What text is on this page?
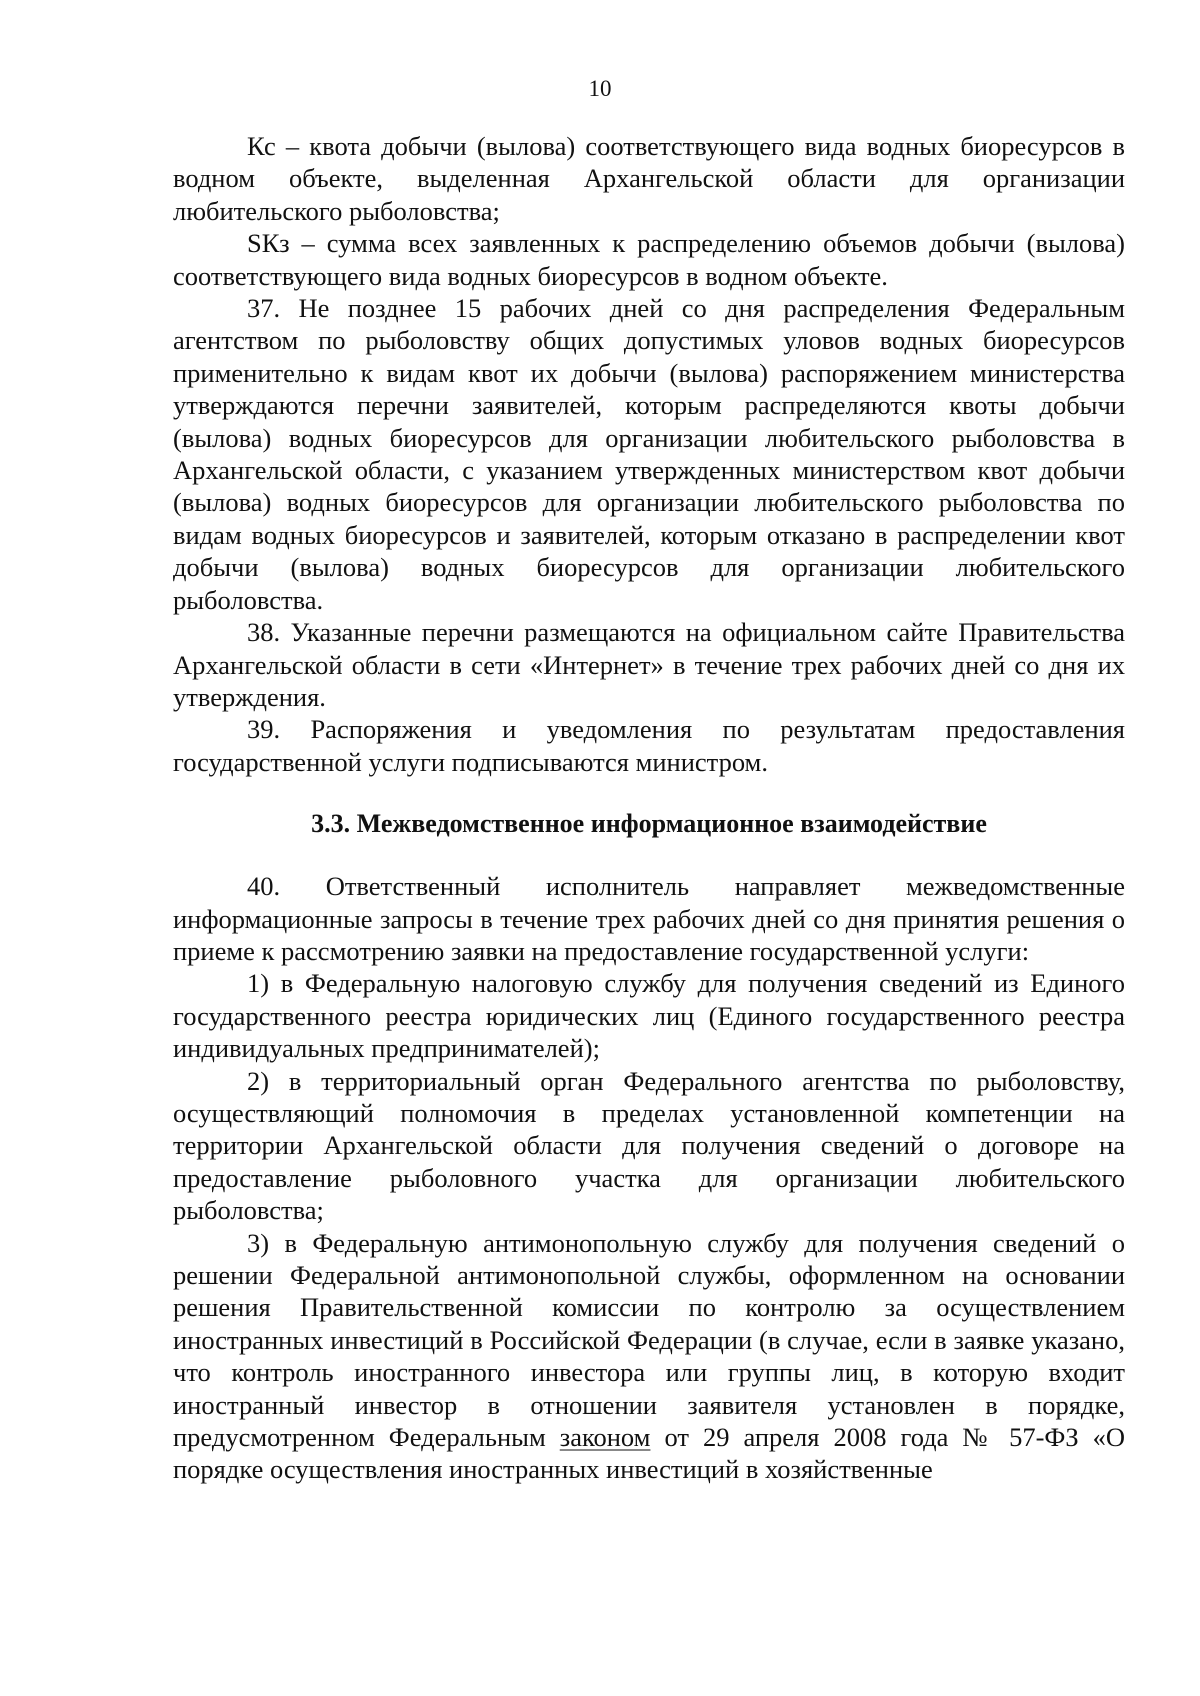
10

Кс – квота добычи (вылова) соответствующего вида водных биоресурсов в водном объекте, выделенная Архангельской области для организации любительского рыболовства;

SКз – сумма всех заявленных к распределению объемов добычи (вылова) соответствующего вида водных биоресурсов в водном объекте.

37. Не позднее 15 рабочих дней со дня распределения Федеральным агентством по рыболовству общих допустимых уловов водных биоресурсов применительно к видам квот их добычи (вылова) распоряжением министерства утверждаются перечни заявителей, которым распределяются квоты добычи (вылова) водных биоресурсов для организации любительского рыболовства в Архангельской области, с указанием утвержденных министерством квот добычи (вылова) водных биоресурсов для организации любительского рыболовства по видам водных биоресурсов и заявителей, которым отказано в распределении квот добычи (вылова) водных биоресурсов для организации любительского рыболовства.

38. Указанные перечни размещаются на официальном сайте Правительства Архангельской области в сети «Интернет» в течение трех рабочих дней со дня их утверждения.

39. Распоряжения и уведомления по результатам предоставления государственной услуги подписываются министром.

3.3. Межведомственное информационное взаимодействие

40. Ответственный исполнитель направляет межведомственные информационные запросы в течение трех рабочих дней со дня принятия решения о приеме к рассмотрению заявки на предоставление государственной услуги:

1) в Федеральную налоговую службу для получения сведений из Единого государственного реестра юридических лиц (Единого государственного реестра индивидуальных предпринимателей);

2) в территориальный орган Федерального агентства по рыболовству, осуществляющий полномочия в пределах установленной компетенции на территории Архангельской области для получения сведений о договоре на предоставление рыболовного участка для организации любительского рыболовства;

3) в Федеральную антимонопольную службу для получения сведений о решении Федеральной антимонопольной службы, оформленном на основании решения Правительственной комиссии по контролю за осуществлением иностранных инвестиций в Российской Федерации (в случае, если в заявке указано, что контроль иностранного инвестора или группы лиц, в которую входит иностранный инвестор в отношении заявителя установлен в порядке, предусмотренном Федеральным законом от 29 апреля 2008 года № 57-ФЗ «О порядке осуществления иностранных инвестиций в хозяйственные
